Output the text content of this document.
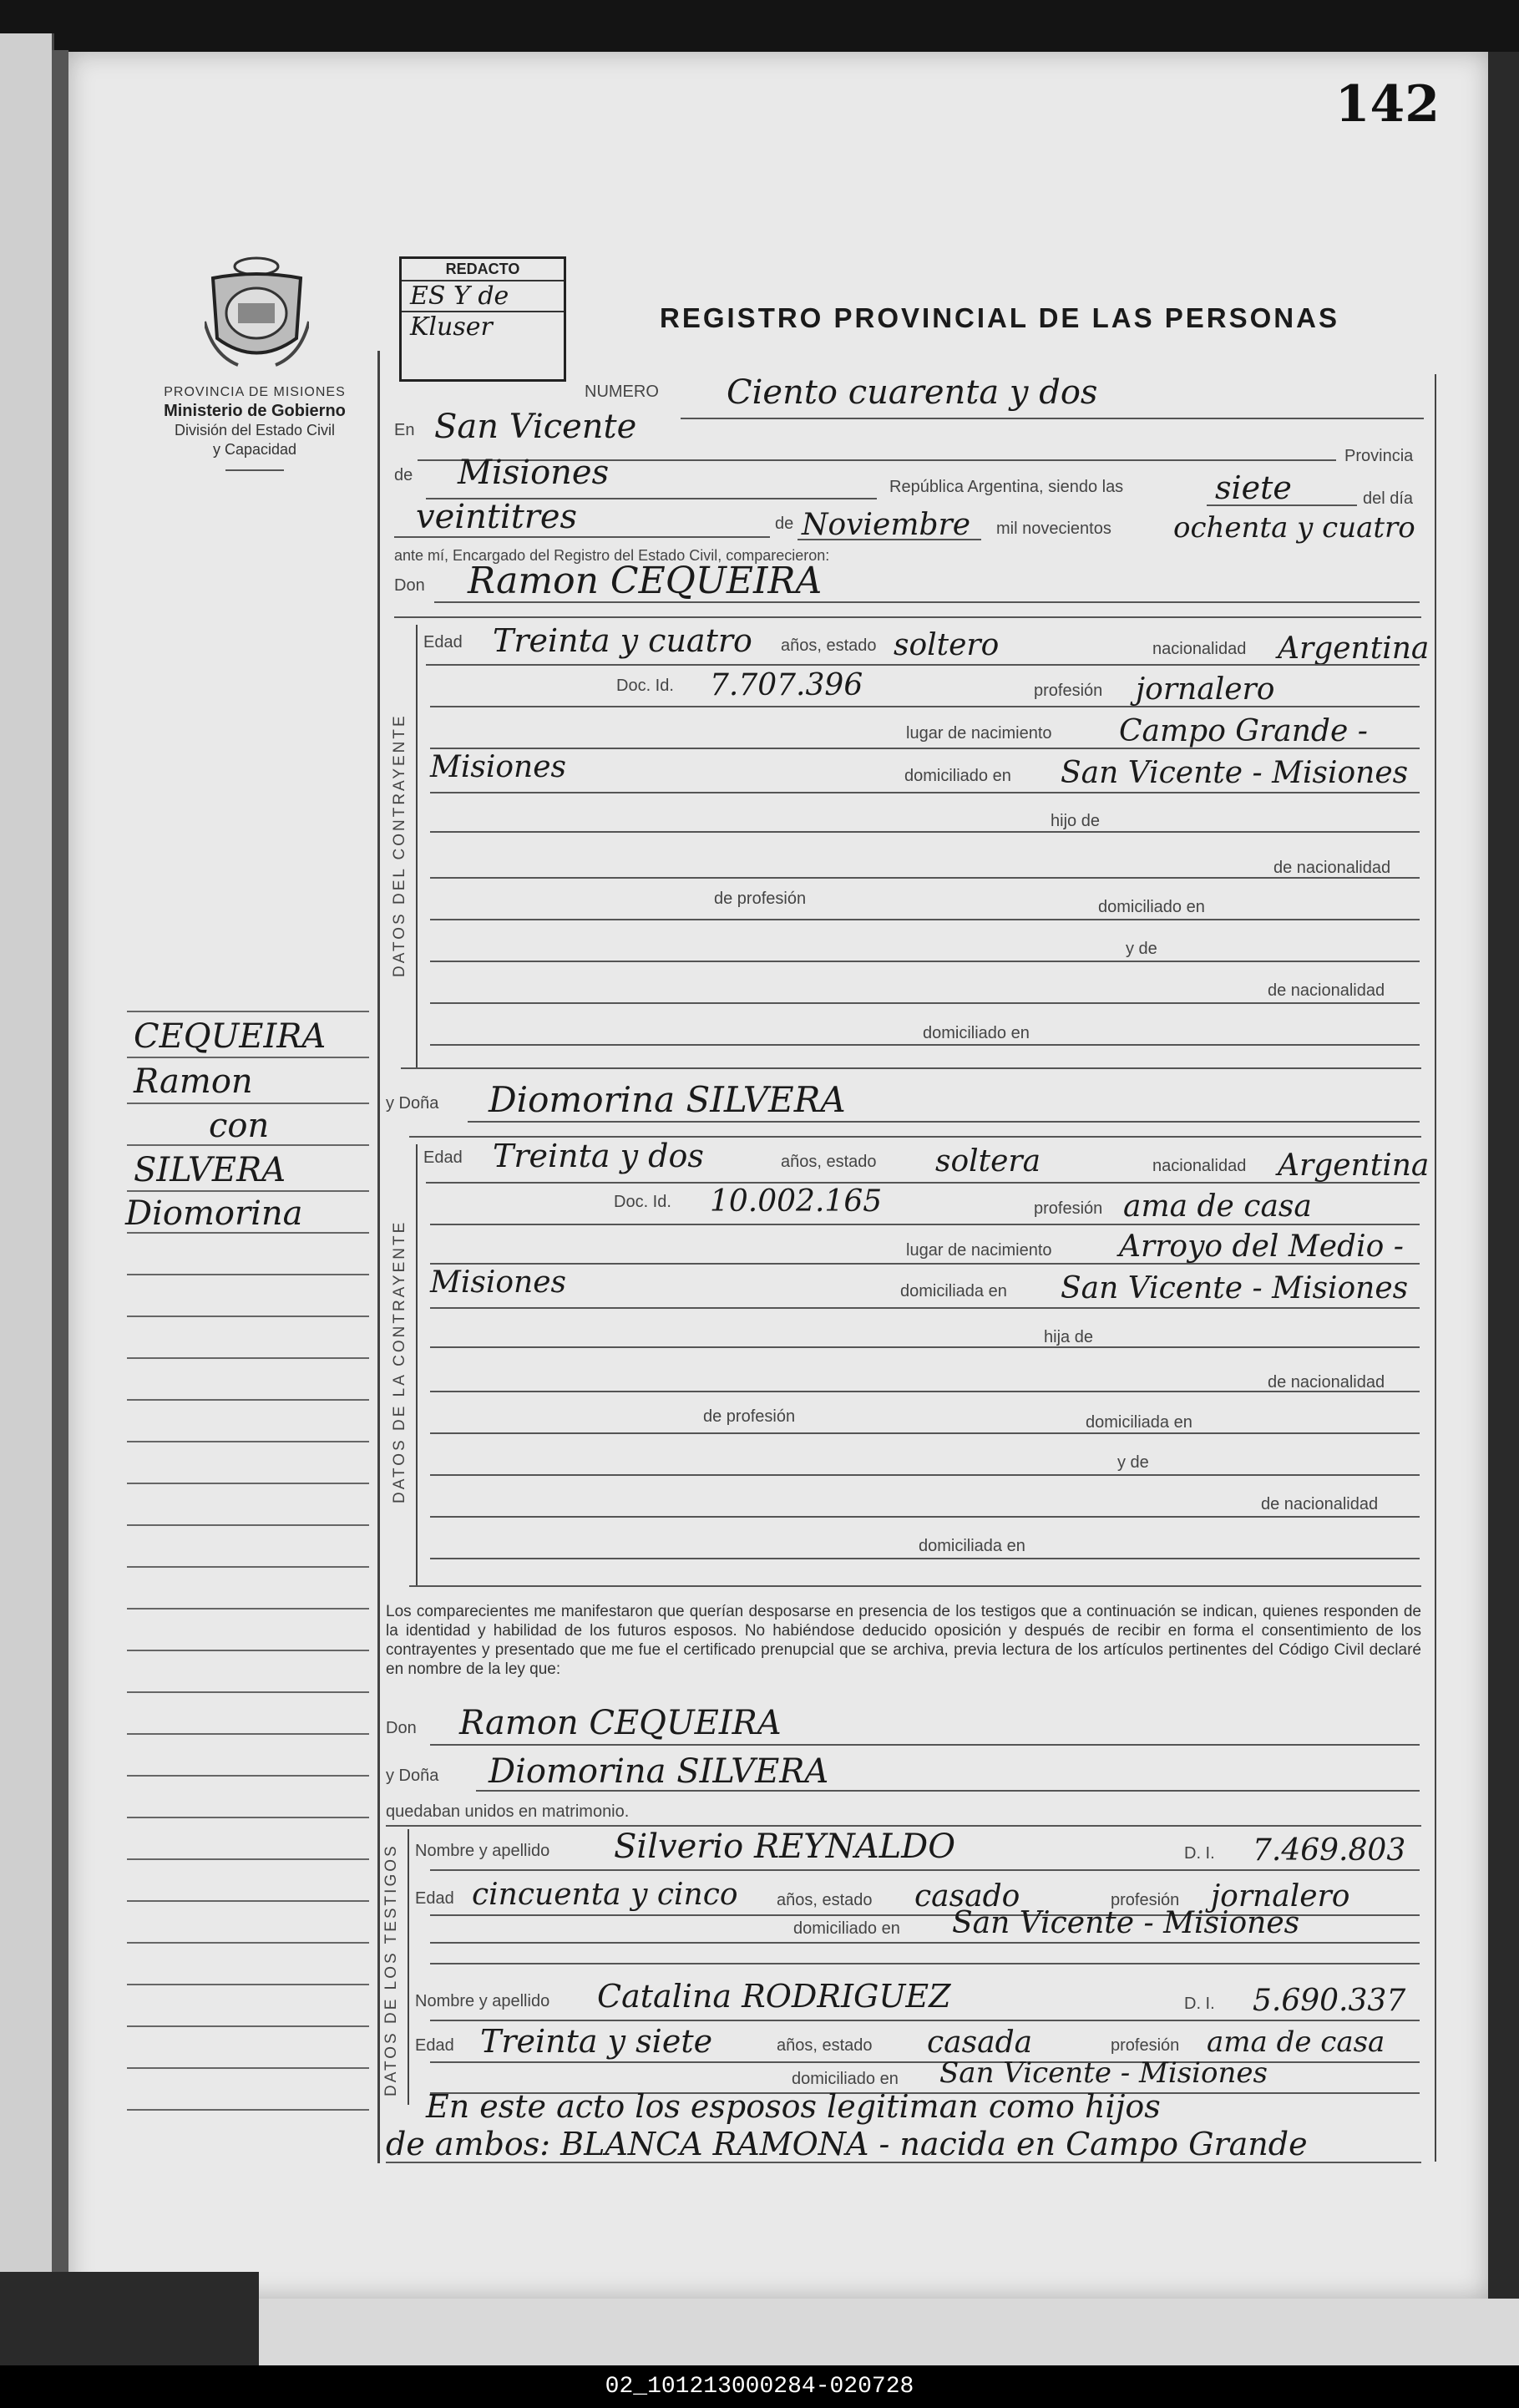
142
PROVINCIA DE MISIONES
Ministerio de Gobierno
División del Estado Civil
y Capacidad
REDACTO
ES Y de
Kluser	REGISTRO PROVINCIAL DE LAS PERSONAS
NUMERO Ciento cuarenta y dos
En San Vicente
Provincia
de Misiones	República Argentina, siendo las	siete	del día
veintitres	de Noviembre mil novecientos ochenta y cuatro
ante mí, Encargado del Registro del Estado Civil, comparecieron:
Don Ramon CEQUEIRA
DATOS DEL CONTRAYENTE
Edad Treinta y cuatro años, estado soltero	nacionalidad Argentina
Doc. Id. 7.707.396	profesión jornalero
lugar de nacimiento Campo Grande -
Misiones	domiciliado en San Vicente - Misiones
hijo de
de nacionalidad
de profesión	domiciliado en
y de
de nacionalidad
domiciliado en
y Doña Diomorina SILVERA
DATOS DE LA CONTRAYENTE
Edad Treinta y dos	años, estado soltera	nacionalidad Argentina
Doc. Id. 10.002.165	profesión ama de casa
lugar de nacimiento Arroyo del Medio -
Misiones	domiciliada en San Vicente - Misiones
hija de
de nacionalidad
de profesión	domiciliada en
y de
de nacionalidad
domiciliada en
Los comparecientes me manifestaron que querían desposarse en presencia de los testigos que a continuación se indican, quienes responden de la identidad y habilidad de los futuros esposos. No habiéndose deducido oposición y después de recibir en forma el consentimiento de los contrayentes y presentado que me fue el certificado prenupcial que se archiva, previa lectura de los artículos pertinentes del Código Civil declaré en nombre de la ley que:
Don Ramon CEQUEIRA
y Doña Diomorina SILVERA
quedaban unidos en matrimonio.
DATOS DE LOS TESTIGOS Nombre y apellido Silverio REYNALDO	D. I. 7.469.803
Edad cincuenta y cinco años, estado casado	profesión jornalero
domiciliado en San Vicente - Misiones
Nombre y apellido Catalina RODRIGUEZ	D. I. 5.690.337
Edad Treinta y siete	años, estado casada	profesión ama de casa
domiciliado en San Vicente - Misiones
En este acto los esposos legitiman como hijos
de ambos: BLANCA RAMONA - nacida en Campo Grande
CEQUEIRA
Ramon
con
SILVERA
Diomorina
02_101213000284-020728
